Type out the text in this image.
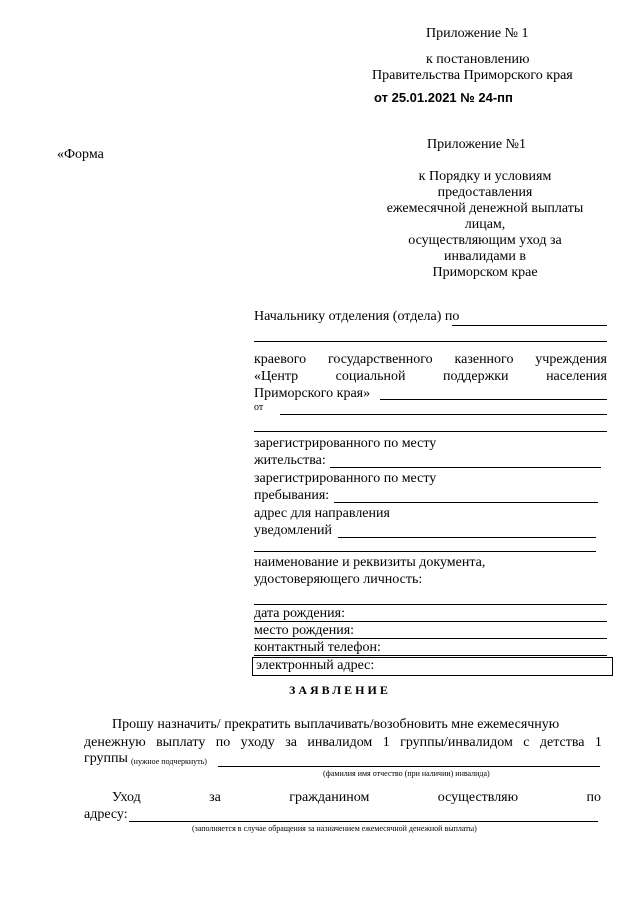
Приложение № 1
к постановлению
Правительства Приморского края
от 25.01.2021 № 24-пп
«Форма
Приложение №1
к Порядку и условиям
предоставления
ежемесячной денежной выплаты
лицам,
осуществляющим уход за
инвалидами в
Приморском крае
Начальнику отделения (отдела) по
краевого государственного казенного учреждения
«Центр	социальной	поддержки	населения
Приморского края»
от
зарегистрированного по месту
жительства:
зарегистрированного по месту
пребывания:
адрес для направления
уведомлений
наименование и реквизиты документа,
удостоверяющего личность:
дата рождения:
место рождения:
контактный телефон:
электронный адрес:
ЗАЯВЛЕНИЕ
Прошу назначить/ прекратить выплачивать/возобновить мне ежемесячную
денежную выплату по уходу за инвалидом 1 группы/инвалидом с детства 1
группы (нужное подчеркнуть)
(фамилия имя отчество (при наличии) инвалида)
Уход	за	гражданином	осуществляю	по
адресу:
(заполняется в случае обращения за назначением ежемесячной денежной выплаты)
